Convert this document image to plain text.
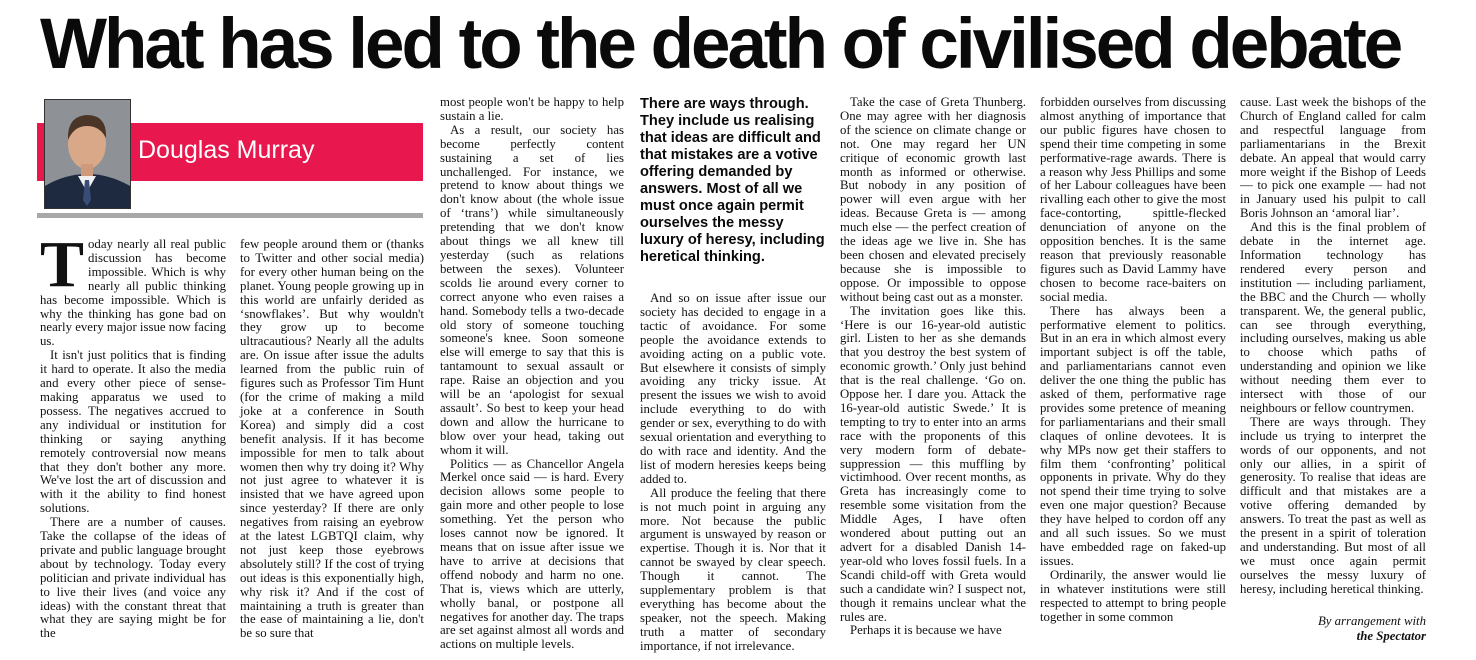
What has led to the death of civilised debate
Douglas Murray

Today nearly all real public discussion has become impossible. Which is why nearly all public thinking has become impossible. Which is why the thinking has gone bad on nearly every major issue now facing us.

It isn't just politics that is finding it hard to operate. It also the media and every other piece of sense-making apparatus we used to possess. The negatives accrued to any individual or institution for thinking or saying anything remotely controversial now means that they don't bother any more. We've lost the art of discussion and with it the ability to find honest solutions.

There are a number of causes. Take the collapse of the ideas of private and public language brought about by technology. Today every politician and private individual has to live their lives (and voice any ideas) with the constant threat that what they are saying might be for the

few people around them or (thanks to Twitter and other social media) for every other human being on the planet. Young people growing up in this world are unfairly derided as ‘snowflakes’. But why wouldn't they grow up to become ultracautious? Nearly all the adults are. On issue after issue the adults learned from the public ruin of figures such as Professor Tim Hunt (for the crime of making a mild joke at a conference in South Korea) and simply did a cost benefit analysis. If it has become impossible for men to talk about women then why try doing it? Why not just agree to whatever it is insisted that we have agreed upon since yesterday? If there are only negatives from raising an eyebrow at the latest LGBTQI claim, why not just keep those eyebrows absolutely still? If the cost of trying out ideas is this exponentially high, why risk it? And if the cost of maintaining a truth is greater than the ease of maintaining a lie, don't be so sure that

most people won't be happy to help sustain a lie.

As a result, our society has become perfectly content sustaining a set of lies unchallenged. For instance, we pretend to know about things we don't know about (the whole issue of ‘trans’) while simultaneously pretending that we don't know about things we all knew till yesterday (such as relations between the sexes). Volunteer scolds lie around every corner to correct anyone who even raises a hand. Somebody tells a two-decade old story of someone touching someone's knee. Soon someone else will emerge to say that this is tantamount to sexual assault or rape. Raise an objection and you will be an ‘apologist for sexual assault’. So best to keep your head down and allow the hurricane to blow over your head, taking out whom it will.

Politics — as Chancellor Angela Merkel once said — is hard. Every decision allows some people to gain more and other people to lose something. Yet the person who loses cannot now be ignored. It means that on issue after issue we have to arrive at decisions that offend nobody and harm no one. That is, views which are utterly, wholly banal, or postpone all negatives for another day. The traps are set against almost all words and actions on multiple levels.

There are ways through. They include us realising that ideas are difficult and that mistakes are a votive offering demanded by answers. Most of all we must once again permit ourselves the messy luxury of heresy, including heretical thinking.

And so on issue after issue our society has decided to engage in a tactic of avoidance. For some people the avoidance extends to avoiding acting on a public vote. But elsewhere it consists of simply avoiding any tricky issue. At present the issues we wish to avoid include everything to do with gender or sex, everything to do with sexual orientation and everything to do with race and identity. And the list of modern heresies keeps being added to.

All produce the feeling that there is not much point in arguing any more. Not because the public argument is unswayed by reason or expertise. Though it is. Nor that it cannot be swayed by clear speech. Though it cannot. The supplementary problem is that everything has become about the speaker, not the speech. Making truth a matter of secondary importance, if not irrelevance.

Take the case of Greta Thunberg. One may agree with her diagnosis of the science on climate change or not. One may regard her UN critique of economic growth last month as informed or otherwise. But nobody in any position of power will even argue with her ideas. Because Greta is — among much else — the perfect creation of the ideas age we live in. She has been chosen and elevated precisely because she is impossible to oppose. Or impossible to oppose without being cast out as a monster.

The invitation goes like this. ‘Here is our 16-year-old autistic girl. Listen to her as she demands that you destroy the best system of economic growth.’ Only just behind that is the real challenge. ‘Go on. Oppose her. I dare you. Attack the 16-year-old autistic Swede.’ It is tempting to try to enter into an arms race with the proponents of this very modern form of debate-suppression — this muffling by victimhood. Over recent months, as Greta has increasingly come to resemble some visitation from the Middle Ages, I have often wondered about putting out an advert for a disabled Danish 14-year-old who loves fossil fuels. In a Scandi child-off with Greta would such a candidate win? I suspect not, though it remains unclear what the rules are.

Perhaps it is because we have

forbidden ourselves from discussing almost anything of importance that our public figures have chosen to spend their time competing in some performative-rage awards. There is a reason why Jess Phillips and some of her Labour colleagues have been rivalling each other to give the most face-contorting, spittle-flecked denunciation of anyone on the opposition benches. It is the same reason that previously reasonable figures such as David Lammy have chosen to become race-baiters on social media.

There has always been a performative element to politics. But in an era in which almost every important subject is off the table, and parliamentarians cannot even deliver the one thing the public has asked of them, performative rage provides some pretence of meaning for parliamentarians and their small claques of online devotees. It is why MPs now get their staffers to film them ‘confronting’ political opponents in private. Why do they not spend their time trying to solve even one major question? Because they have helped to cordon off any and all such issues. So we must have embedded rage on faked-up issues.

Ordinarily, the answer would lie in whatever institutions were still respected to attempt to bring people together in some common

cause. Last week the bishops of the Church of England called for calm and respectful language from parliamentarians in the Brexit debate. An appeal that would carry more weight if the Bishop of Leeds — to pick one example — had not in January used his pulpit to call Boris Johnson an ‘amoral liar’.

And this is the final problem of debate in the internet age. Information technology has rendered every person and institution — including parliament, the BBC and the Church — wholly transparent. We, the general public, can see through everything, including ourselves, making us able to choose which paths of understanding and opinion we like without needing them ever to intersect with those of our neighbours or fellow countrymen.

There are ways through. They include us trying to interpret the words of our opponents, and not only our allies, in a spirit of generosity. To realise that ideas are difficult and that mistakes are a votive offering demanded by answers. To treat the past as well as the present in a spirit of toleration and understanding. But most of all we must once again permit ourselves the messy luxury of heresy, including heretical thinking.

By arrangement with
the Spectator
